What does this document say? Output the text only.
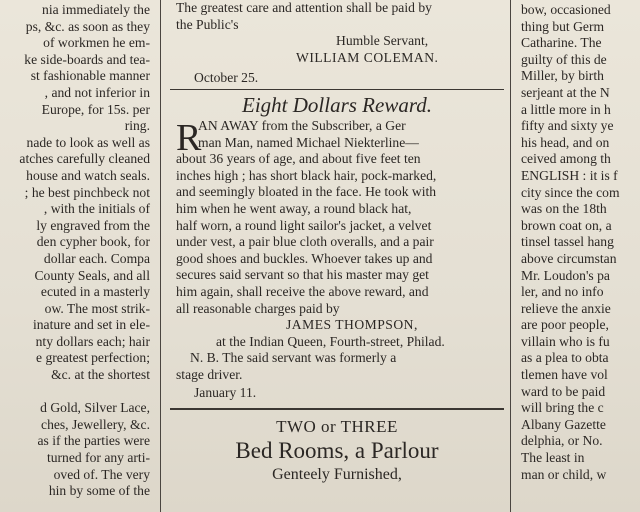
nia immediately the
ps, &c. as soon as they
of workmen he em-
ke side-boards and tea-
st fashionable manner
, and not inferior in
Europe, for 15s. per
ring.
nade to look as well as
atches carefully cleaned
house and watch seals.
; he best pinchbeck not
, with the initials of
ly engraved from the
den cypher book, for
dollar each. Compa
County Seals, and all
ecuted in a masterly
ow. The most strik-
inature and set in ele-
nty dollars each; hair
e greatest perfection;
&c. at the shortest
d Gold, Silver Lace,
ches, Jewellery, &c.
as if the parties were
turned for any arti-
oved of. The very
hin by some of the
The greatest care and attention shall be paid by
the Public's
Humble Servant,
WILLIAM COLEMAN.
October 25.
Eight Dollars Reward.
R
AN AWAY from the Subscriber, a Ger
man Man, named Michael Niekterline—
about 36 years of age, and about five feet ten
inches high ; has short black hair, pock-marked,
and seemingly bloated in the face. He took with
him when he went away, a round black hat,
half worn, a round light sailor's jacket, a velvet
under vest, a pair blue cloth overalls, and a pair
good shoes and buckles. Whoever takes up and
secures said servant so that his master may get
him again, shall receive the above reward, and
all reasonable charges paid by
JAMES THOMPSON,
at the Indian Queen, Fourth-street, Philad.
N. B. The said servant was formerly a
stage driver.
January 11.
TWO or THREE
Bed Rooms, a Parlour
Genteely Furnished,
bow, occasioned
thing but Germ
Catharine. The
guilty of this de
Miller, by birth
serjeant at the N
a little more in h
fifty and sixty ye
his head, and on
ceived among th
ENGLISH : it is f
city since the com
was on the 18th
brown coat on, a
tinsel tassel hang
above circumstan
Mr. Loudon's pa
ler, and no info
relieve the anxie
are poor people,
villain who is fu
as a plea to obta
tlemen have vol
ward to be paid
will bring the c
Albany Gazette
delphia, or No.
The least in
man or child, w
